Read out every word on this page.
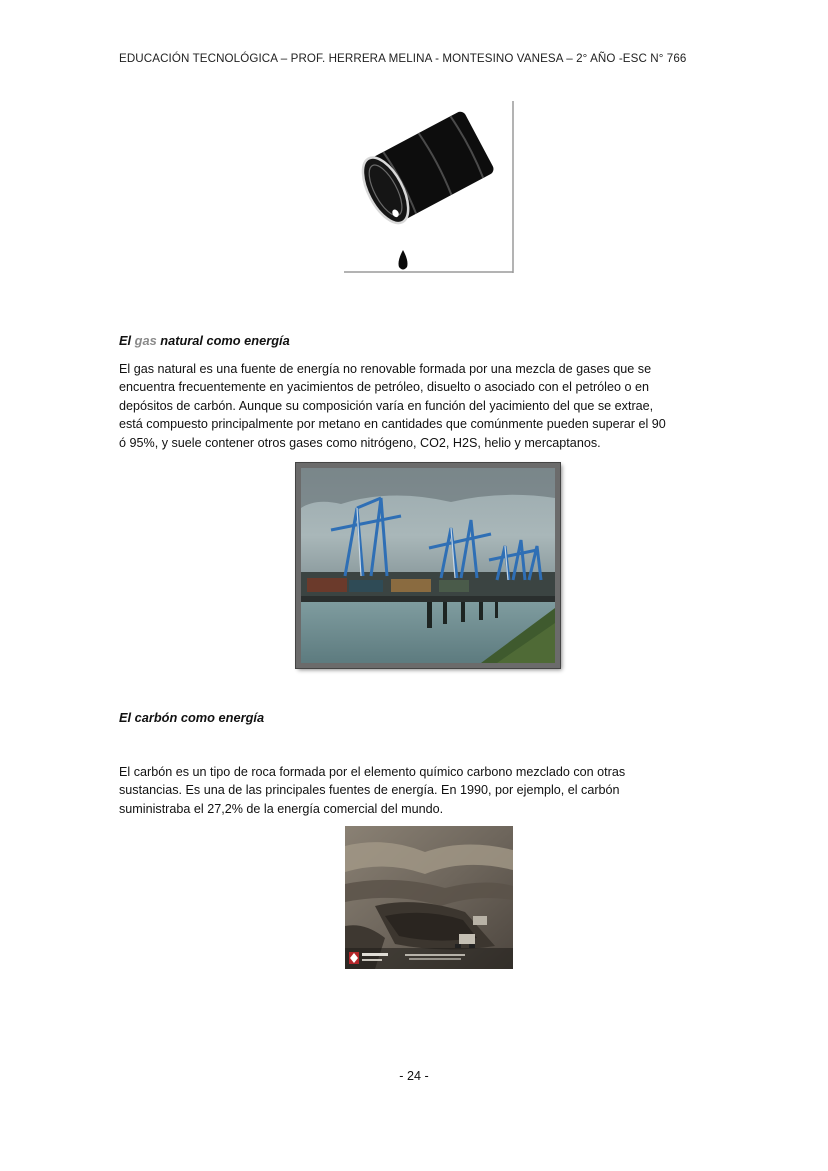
EDUCACIÓN TECNOLÓGICA – PROF. HERRERA MELINA - MONTESINO VANESA – 2° AÑO -ESC N° 766
El gas natural como energía
El gas natural es una fuente de energía no renovable formada por una mezcla de gases que se
encuentra frecuentemente en yacimientos de petróleo, disuelto o asociado con el petróleo o en
depósitos de carbón. Aunque su composición varía en función del yacimiento del que se extrae,
está compuesto principalmente por metano en cantidades que comúnmente pueden superar el 90
ó 95%, y suele contener otros gases como nitrógeno, CO2, H2S, helio y mercaptanos.
El carbón como energía
El carbón es un tipo de roca formada por el elemento químico carbono mezclado con otras
sustancias. Es una de las principales fuentes de energía. En 1990, por ejemplo, el carbón
suministraba el 27,2% de la energía comercial del mundo.
- 24 -
